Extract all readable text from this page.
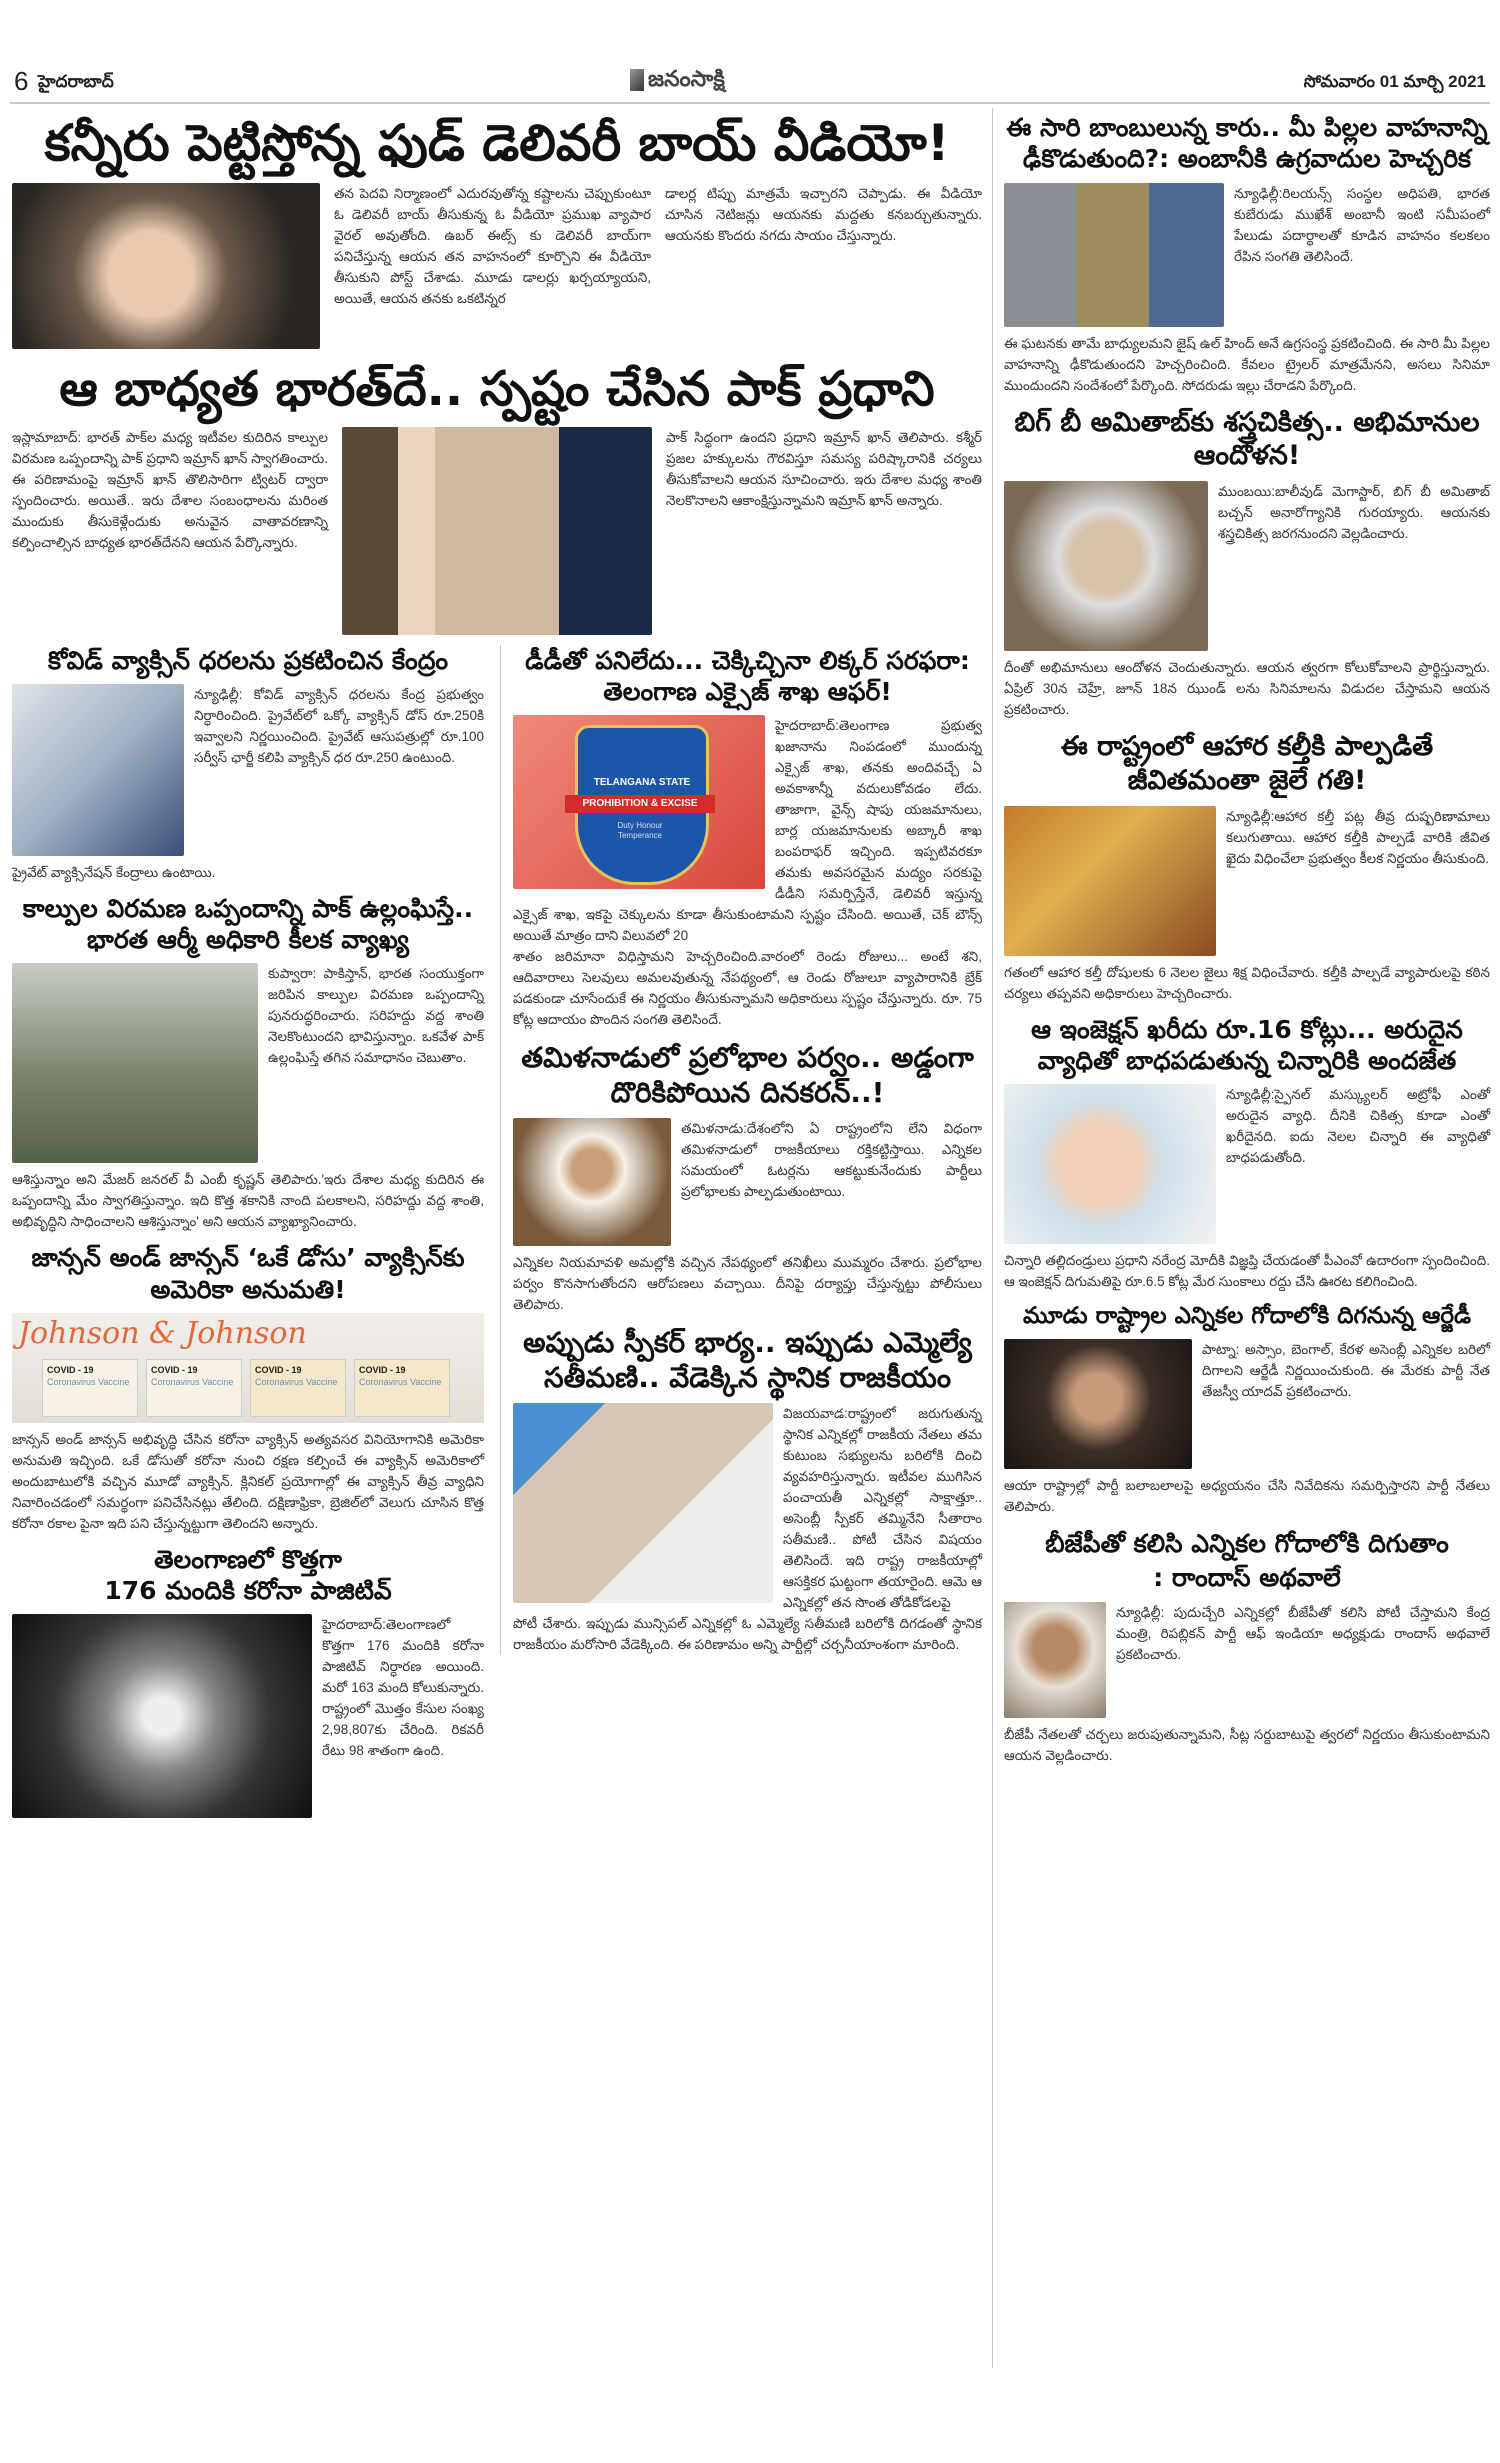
6 హైదరాబాద్	జనంసాక్షి	సోమవారం 01 మార్చి 2021
కన్నీరు పెట్టిస్తోన్న ఫుడ్ డెలివరీ బాయ్ వీడియో!
తన పెదవి నిర్మాణంలో ఎదురవుతోన్న కష్టాలను చెప్పుకుంటూ ఓ డెలివరీ బాయ్ తీసుకున్న ఓ వీడియో ప్రముఖ వ్యాపార వైరల్ అవుతోంది. ఉబర్ ఈట్స్ కు డెలివరీ బాయ్‌గా పనిచేస్తున్న ఆయన తన వాహనంలో కూర్చొని ఈ వీడియో తీసుకుని పోస్ట్ చేశాడు. మూడు డాలర్లు ఖర్చయ్యాయని, అయితే, ఆయన తనకు ఒకటిన్నర
డాలర్ల టిప్పు మాత్రమే ఇచ్చారని చెప్పాడు. ఈ వీడియో చూసిన నెటిజన్లు ఆయనకు మద్దతు కనబర్చుతున్నారు. ఆయనకు కొందరు నగదు సాయం చేస్తున్నారు.
ఆ బాధ్యత భారత్‌దే.. స్పష్టం చేసిన పాక్ ప్రధాని
ఇస్లామాబాద్: భారత్ పాక్‌ల మధ్య ఇటీవల కుదిరిన కాల్పుల విరమణ ఒప్పందాన్ని పాక్ ప్రధాని ఇమ్రాన్ ఖాన్ స్వాగతించారు. ఈ పరిణామంపై ఇమ్రాన్ ఖాన్ తొలిసారిగా ట్విటర్ ద్వారా స్పందించారు. అయితే.. ఇరు దేశాల సంబంధాలను మరింత ముందుకు తీసుకెళ్లేందుకు అనువైన వాతావరణాన్ని కల్పించాల్సిన బాధ్యత భారత్‌దేనని ఆయన పేర్కొన్నారు.
పాక్ సిద్ధంగా ఉందని ప్రధాని ఇమ్రాన్ ఖాన్ తెలిపారు. కశ్మీర్ ప్రజల హక్కులను గౌరవిస్తూ సమస్య పరిష్కారానికి చర్యలు తీసుకోవాలని ఆయన సూచించారు. ఇరు దేశాల మధ్య శాంతి నెలకొనాలని ఆకాంక్షిస్తున్నామని ఇమ్రాన్ ఖాన్ అన్నారు.
కోవిడ్ వ్యాక్సిన్ ధరలను ప్రకటించిన కేంద్రం
న్యూఢిల్లీ: కోవిడ్ వ్యాక్సిన్ ధరలను కేంద్ర ప్రభుత్వం నిర్ధారించింది. ప్రైవేట్‌లో ఒక్కో వ్యాక్సిన్ డోస్ రూ.250కి ఇవ్వాలని నిర్ణయించింది. ప్రైవేట్ ఆసుపత్రుల్లో రూ.100 సర్వీస్ ఛార్జీ కలిపి వ్యాక్సిన్ ధర రూ.250 ఉంటుంది.
ప్రైవేట్ వ్యాక్సినేషన్ కేంద్రాలు ఉంటాయి.
కాల్పుల విరమణ ఒప్పందాన్ని పాక్ ఉల్లంఘిస్తే.. భారత ఆర్మీ అధికారి కీలక వ్యాఖ్య
కుప్వారా: పాకిస్తాన్, భారత సంయుక్తంగా జరిపిన కాల్పుల విరమణ ఒప్పందాన్ని పునరుద్ధరించారు. సరిహద్దు వద్ద శాంతి నెలకొంటుందని భావిస్తున్నాం. ఒకవేళ పాక్ ఉల్లంఘిస్తే తగిన సమాధానం చెబుతాం.
ఆశిస్తున్నాం అని మేజర్ జనరల్ వీ ఎంబీ కృష్ణన్ తెలిపారు.'ఇరు దేశాల మధ్య కుదిరిన ఈ ఒప్పందాన్ని మేం స్వాగతిస్తున్నాం. ఇది కొత్త శకానికి నాంది పలకాలని, సరిహద్దు వద్ద శాంతి, అభివృద్ధిని సాధించాలని ఆశిస్తున్నాం' అని ఆయన వ్యాఖ్యానించారు.
జాన్సన్ అండ్ జాన్సన్ ‘ఒకే డోసు’ వ్యాక్సిన్‌కు అమెరికా అనుమతి!
Johnson & Johnson
COVID - 19
Coronavirus Vaccine
COVID - 19
Coronavirus Vaccine
COVID - 19
Coronavirus Vaccine
COVID - 19
Coronavirus Vaccine
జాన్సన్ అండ్ జాన్సన్ అభివృద్ధి చేసిన కరోనా వ్యాక్సిన్ అత్యవసర వినియోగానికి అమెరికా అనుమతి ఇచ్చింది. ఒకే డోసుతో కరోనా నుంచి రక్షణ కల్పించే ఈ వ్యాక్సిన్ అమెరికాలో అందుబాటులోకి వచ్చిన మూడో వ్యాక్సిన్. క్లినికల్ ప్రయోగాల్లో ఈ వ్యాక్సిన్ తీవ్ర వ్యాధిని నివారించడంలో సమర్థంగా పనిచేసినట్లు తేలింది. దక్షిణాఫ్రికా, బ్రెజిల్‌లో వెలుగు చూసిన కొత్త కరోనా రకాల పైనా ఇది పని చేస్తున్నట్టుగా తెలిందని అన్నారు.
తెలంగాణలో కొత్తగా
176 మందికి కరోనా పాజిటివ్
హైదరాబాద్:తెలంగాణలో కొత్తగా 176 మందికి కరోనా పాజిటివ్ నిర్ధారణ అయింది. మరో 163 మంది కోలుకున్నారు. రాష్ట్రంలో మొత్తం కేసుల సంఖ్య 2,98,807కు చేరింది. రికవరీ రేటు 98 శాతంగా ఉంది.
డీడీతో పనిలేదు... చెక్కిచ్చినా లిక్కర్ సరఫరా: తెలంగాణ ఎక్సైజ్ శాఖ ఆఫర్!
TELANGANA STATE
PROHIBITION & EXCISE
Duty Honour Temperance
హైదరాబాద్:తెలంగాణ ప్రభుత్వ ఖజానాను నింపడంలో ముందున్న ఎక్సైజ్ శాఖ, తనకు అందివచ్చే ఏ అవకాశాన్నీ వదులుకోవడం లేదు. తాజాగా, వైన్స్ షాపు యజమానులు, బార్ల యజమానులకు అబ్కారీ శాఖ బంపరాఫర్ ఇచ్చింది. ఇప్పటివరకూ తమకు అవసరమైన మద్యం సరకుపై డీడీని సమర్పిస్తేనే, డెలివరీ ఇస్తున్న ఎక్సైజ్ శాఖ, ఇకపై చెక్కులను కూడా తీసుకుంటామని స్పష్టం చేసింది. అయితే, చెక్ బౌన్స్ అయితే మాత్రం దాని విలువలో 20
శాతం జరిమానా విధిస్తామని హెచ్చరించింది.వారంలో రెండు రోజులు... అంటే శని, ఆదివారాలు సెలవులు అమలవుతున్న నేపథ్యంలో, ఆ రెండు రోజులూ వ్యాపారానికి బ్రేక్ పడకుండా చూసేందుకే ఈ నిర్ణయం తీసుకున్నామని అధికారులు స్పష్టం చేస్తున్నారు. రూ. 75 కోట్ల ఆదాయం పొందిన సంగతి తెలిసిందే.
తమిళనాడులో ప్రలోభాల పర్వం.. అడ్డంగా దొరికిపోయిన దినకరన్..!
తమిళనాడు:దేశంలోని ఏ రాష్ట్రంలోని లేని విధంగా తమిళనాడులో రాజకీయాలు రక్తికట్టిస్తాయి. ఎన్నికల సమయంలో ఓటర్లను ఆకట్టుకునేందుకు పార్టీలు ప్రలోభాలకు పాల్పడుతుంటాయి.
ఎన్నికల నియమావళి అమల్లోకి వచ్చిన నేపథ్యంలో తనిఖీలు ముమ్మరం చేశారు. ప్రలోభాల పర్వం కొనసాగుతోందని ఆరోపణలు వచ్చాయి. దీనిపై దర్యాప్తు చేస్తున్నట్టు పోలీసులు తెలిపారు.
అప్పుడు స్పీకర్ భార్య.. ఇప్పుడు ఎమ్మెల్యే సతీమణి.. వేడెక్కిన స్థానిక రాజకీయం
విజయవాడ:రాష్ట్రంలో జరుగుతున్న స్థానిక ఎన్నికల్లో రాజకీయ నేతలు తమ కుటుంబ సభ్యులను బరిలోకి దించి వ్యవహరిస్తున్నారు. ఇటీవల ముగిసిన పంచాయతీ ఎన్నికల్లో సాక్షాత్తూ.. అసెంబ్లీ స్పీకర్ తమ్మినేని సీతారాం సతీమణి.. పోటీ చేసిన విషయం తెలిసిందే. ఇది రాష్ట్ర రాజకీయాల్లో ఆసక్తికర ఘట్టంగా తయారైంది. ఆమె ఆ ఎన్నికల్లో తన సొంత తోడికోడలపై
పోటీ చేశారు. ఇప్పుడు మున్సిపల్ ఎన్నికల్లో ఓ ఎమ్మెల్యే సతీమణి బరిలోకి దిగడంతో స్థానిక రాజకీయం మరోసారి వేడెక్కింది. ఈ పరిణామం అన్ని పార్టీల్లో చర్చనీయాంశంగా మారింది.
ఈ సారి బాంబులున్న కారు.. మీ పిల్లల వాహనాన్ని ఢీకొడుతుంది?: అంబానీకి ఉగ్రవాదుల హెచ్చరిక
న్యూఢిల్లీ:రిలయన్స్ సంస్థల అధిపతి, భారత కుబేరుడు ముఖేశ్ అంబానీ ఇంటి సమీపంలో పేలుడు పదార్థాలతో కూడిన వాహనం కలకలం రేపిన సంగతి తెలిసిందే.
ఈ ఘటనకు తామే బాధ్యులమని జైష్ ఉల్ హింద్ అనే ఉగ్రసంస్థ ప్రకటించింది. ఈ సారి మీ పిల్లల వాహనాన్ని ఢీకొడుతుందని హెచ్చరించింది. కేవలం ట్రైలర్ మాత్రమేనని, అసలు సినిమా ముందుందని సందేశంలో పేర్కొంది. సోదరుడు ఇల్లు చేరాడని పేర్కొంది.
బిగ్ బీ అమితాబ్‌కు శస్త్రచికిత్స.. అభిమానుల ఆందోళన!
ముంబయి:బాలీవుడ్ మెగాస్టార్, బిగ్ బీ అమితాబ్ బచ్చన్ అనారోగ్యానికి గురయ్యారు. ఆయనకు శస్త్రచికిత్స జరగనుందని వెల్లడించారు.
దీంతో అభిమానులు ఆందోళన చెందుతున్నారు. ఆయన త్వరగా కోలుకోవాలని ప్రార్థిస్తున్నారు. ఏప్రిల్ 30న చెహ్రే, జూన్ 18న ఝుండ్ లను సినిమాలను విడుదల చేస్తామని ఆయన ప్రకటించారు.
ఈ రాష్ట్రంలో ఆహార కల్తీకి పాల్పడితే జీవితమంతా జైలే గతి!
న్యూఢిల్లీ:ఆహార కల్తీ పట్ల తీవ్ర దుష్పరిణామాలు కలుగుతాయి. ఆహార కల్తీకి పాల్పడే వారికి జీవిత ఖైదు విధించేలా ప్రభుత్వం కీలక నిర్ణయం తీసుకుంది.
గతంలో ఆహార కల్తీ దోషులకు 6 నెలల జైలు శిక్ష విధించేవారు. కల్తీకి పాల్పడే వ్యాపారులపై కఠిన చర్యలు తప్పవని అధికారులు హెచ్చరించారు.
ఆ ఇంజెక్షన్ ఖరీదు రూ.16 కోట్లు... అరుదైన వ్యాధితో బాధపడుతున్న చిన్నారికి అందజేత
న్యూఢిల్లీ:స్పైనల్ మస్క్యులర్ అట్రోఫీ ఎంతో అరుదైన వ్యాధి. దీనికి చికిత్స కూడా ఎంతో ఖరీదైనది. ఐదు నెలల చిన్నారి ఈ వ్యాధితో బాధపడుతోంది.
చిన్నారి తల్లిదండ్రులు ప్రధాని నరేంద్ర మోదీకి విజ్ఞప్తి చేయడంతో పీఎంవో ఉదారంగా స్పందించింది. ఆ ఇంజెక్షన్ దిగుమతిపై రూ.6.5 కోట్ల మేర సుంకాలు రద్దు చేసి ఊరట కలిగించింది.
మూడు రాష్ట్రాల ఎన్నికల గోదాలోకి దిగనున్న ఆర్జేడీ
పాట్నా: అస్సాం, బెంగాల్, కేరళ అసెంబ్లీ ఎన్నికల బరిలో దిగాలని ఆర్జేడీ నిర్ణయించుకుంది. ఈ మేరకు పార్టీ నేత తేజస్వీ యాదవ్ ప్రకటించారు.
ఆయా రాష్ట్రాల్లో పార్టీ బలాబలాలపై అధ్యయనం చేసి నివేదికను సమర్పిస్తారని పార్టీ నేతలు తెలిపారు.
బీజేపీతో కలిసి ఎన్నికల గోదాలోకి దిగుతాం
: రాందాస్ అథవాలే
న్యూఢిల్లీ: పుదుచ్చేరి ఎన్నికల్లో బీజేపీతో కలిసి పోటీ చేస్తామని కేంద్ర మంత్రి, రిపబ్లికన్ పార్టీ ఆఫ్ ఇండియా అధ్యక్షుడు రాందాస్ అథవాలే ప్రకటించారు.
బీజేపీ నేతలతో చర్చలు జరుపుతున్నామని, సీట్ల సర్దుబాటుపై త్వరలో నిర్ణయం తీసుకుంటామని ఆయన వెల్లడించారు.
